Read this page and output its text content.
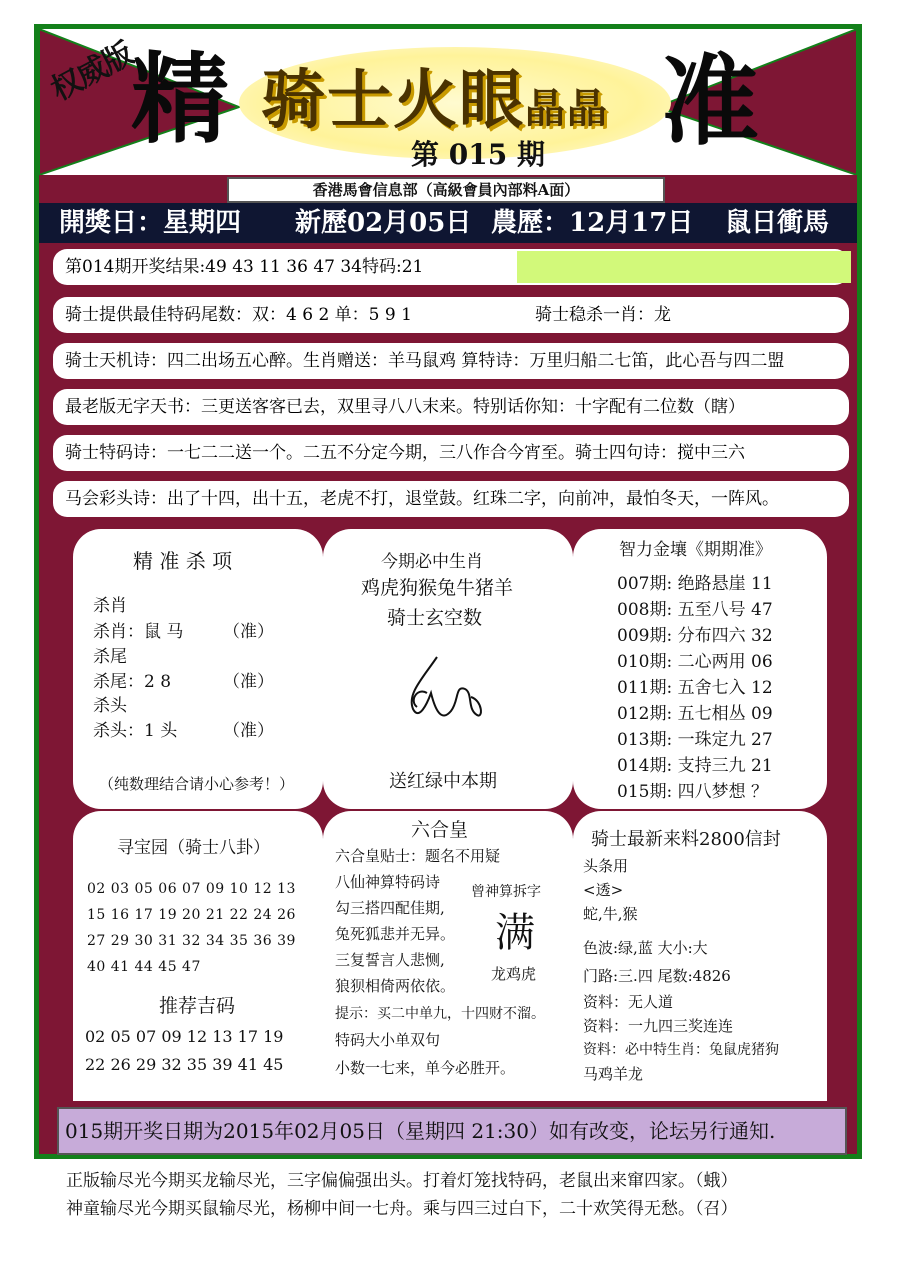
权威版
精	准
骑士火眼晶晶
第 015 期
香港馬會信息部（高級會員內部料A面）
開獎日：星期四 新歷02月05日 農歷：12月17日 鼠日衝馬
第014期开奖结果:49 43 11 36 47 34特码:21
骑士提供最佳特码尾数：双：4 6 2 单：5 9 1	骑士稳杀一肖：龙
骑士天机诗：四二出场五心醉。生肖赠送：羊马鼠鸡 算特诗：万里归船二七笛，此心吾与四二盟
最老版无字天书：三更送客客已去，双里寻八八末来。特别话你知：十字配有二位数（瞎）
骑士特码诗：一七二二送一个。二五不分定今期，三八作合今宵至。骑士四句诗：搅中三六
马会彩头诗：出了十四，出十五，老虎不打，退堂鼓。红珠二字，向前冲，最怕冬天，一阵风。
精 准 杀 项
杀肖
杀肖：鼠 马 （准）
杀尾
杀尾：2 8	（准）
杀头
杀头：1 头	（准）
（纯数理结合请小心参考！）
今期必中生肖
鸡虎狗猴兔牛猪羊
骑士玄空数
送红绿中本期
智力金壤《期期准》
007期: 绝路悬崖 11
008期: 五至八号 47
009期: 分布四六 32
010期: 二心两用 06
011期: 五舍七入 12
012期: 五七相丛 09
013期: 一珠定九 27
014期: 支持三九 21
015期: 四八梦想 ？
寻宝园（骑士八卦）
02 03 05 06 07 09 10 12 13
15 16 17 19 20 21 22 24 26
27 29 30 31 32 34 35 36 39
40 41 44 45 47
推荐吉码
02 05 07 09 12 13 17 19
22 26 29 32 35 39 41 45
六合皇
六合皇贴士：题名不用疑
八仙神算特码诗
勾三搭四配佳期,
兔死狐悲并无异。
三复誓言人悲恻,
狼狈相倚两依依。
提示：买二中单九，十四财不溜。
特码大小单双句
小数一七来，单今必胜开。
曾神算拆字
满
龙鸡虎
骑士最新来料2800信封
头条用
<透>
蛇,牛,猴
色波:绿,蓝 大小:大
门路:三.四 尾数:4826
资料：无人道
资料：一九四三奖连连
资料：必中特生肖：兔鼠虎猪狗
马鸡羊龙
015期开奖日期为2015年02月05日（星期四 21:30）如有改变，论坛另行通知.
正版输尽光今期买龙输尽光，三字偏偏强出头。打着灯笼找特码，老鼠出来窜四家。（蛾）
神童输尽光今期买鼠输尽光，杨柳中间一七舟。乘与四三过白下，二十欢笑得无愁。（召）
